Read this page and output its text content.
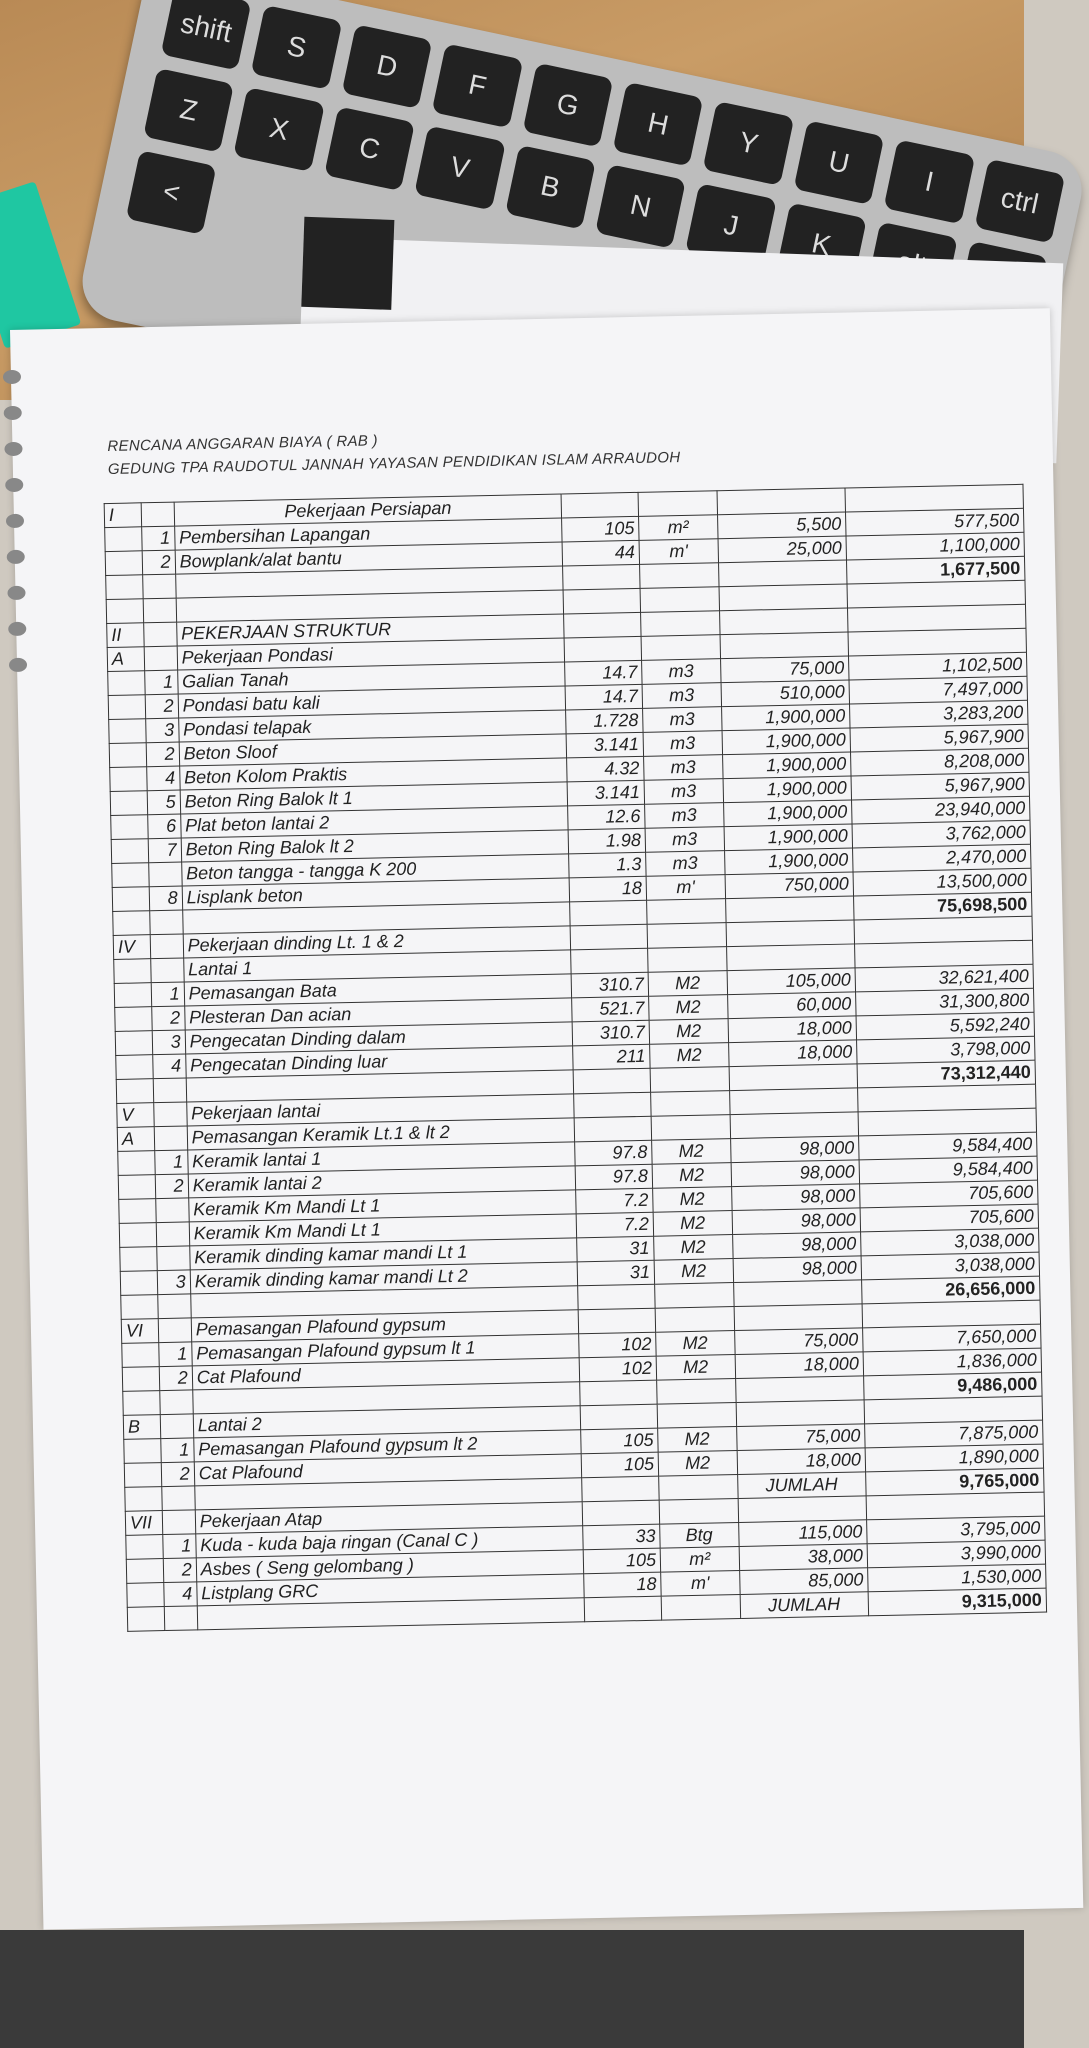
shift	S
D
F
G
H
Y
U
I
ctrl
Z
X
C
V
B
N
J
K
<
RENCANA ANGGARAN BIAYA ( RAB )
GEDUNG TPA RAUDOTUL JANNAH YAYASAN PENDIDIKAN ISLAM ARRAUDOH
I		Pekerjaan Persiapan				
	1	Pembersihan Lapangan	105	m²	5,500	577,500
	2	Bowplank/alat bantu	44	m'	25,000	1,100,000
						1,677,500

II		PEKERJAAN STRUKTUR				
A		Pekerjaan Pondasi				
	1	Galian Tanah	14.7	m3	75,000	1,102,500
	2	Pondasi batu kali	14.7	m3	510,000	7,497,000
	3	Pondasi telapak	1.728	m3	1,900,000	3,283,200
	2	Beton Sloof	3.141	m3	1,900,000	5,967,900
	4	Beton Kolom Praktis	4.32	m3	1,900,000	8,208,000
	5	Beton Ring Balok lt 1	3.141	m3	1,900,000	5,967,900
	6	Plat beton lantai 2	12.6	m3	1,900,000	23,940,000
	7	Beton Ring Balok lt 2	1.98	m3	1,900,000	3,762,000
		Beton tangga - tangga K 200	1.3	m3	1,900,000	2,470,000
	8	Lisplank beton	18	m'	750,000	13,500,000
						75,698,500
IV		Pekerjaan dinding Lt. 1 & 2				
		Lantai 1				
	1	Pemasangan Bata	310.7	M2	105,000	32,621,400
	2	Plesteran Dan acian	521.7	M2	60,000	31,300,800
	3	Pengecatan Dinding dalam	310.7	M2	18,000	5,592,240
	4	Pengecatan Dinding luar	211	M2	18,000	3,798,000
						73,312,440
V		Pekerjaan lantai				
A		Pemasangan Keramik Lt.1 & lt 2				
	1	Keramik lantai 1	97.8	M2	98,000	9,584,400
	2	Keramik lantai 2	97.8	M2	98,000	9,584,400
		Keramik Km Mandi Lt 1	7.2	M2	98,000	705,600
		Keramik Km Mandi Lt 1	7.2	M2	98,000	705,600
		Keramik dinding kamar mandi Lt 1	31	M2	98,000	3,038,000
	3	Keramik dinding kamar mandi Lt 2	31	M2	98,000	3,038,000
						26,656,000
VI		Pemasangan Plafound gypsum				
	1	Pemasangan Plafound gypsum lt 1	102	M2	75,000	7,650,000
	2	Cat Plafound	102	M2	18,000	1,836,000
						9,486,000
B		Lantai 2				
	1	Pemasangan Plafound gypsum lt 2	105	M2	75,000	7,875,000
	2	Cat Plafound	105	M2	18,000	1,890,000
					JUMLAH	9,765,000
VII		Pekerjaan Atap				
	1	Kuda - kuda baja ringan (Canal C )	33	Btg	115,000	3,795,000
	2	Asbes ( Seng gelombang )	105	m²	38,000	3,990,000
	4	Listplang GRC	18	m'	85,000	1,530,000
					JUMLAH	9,315,000
